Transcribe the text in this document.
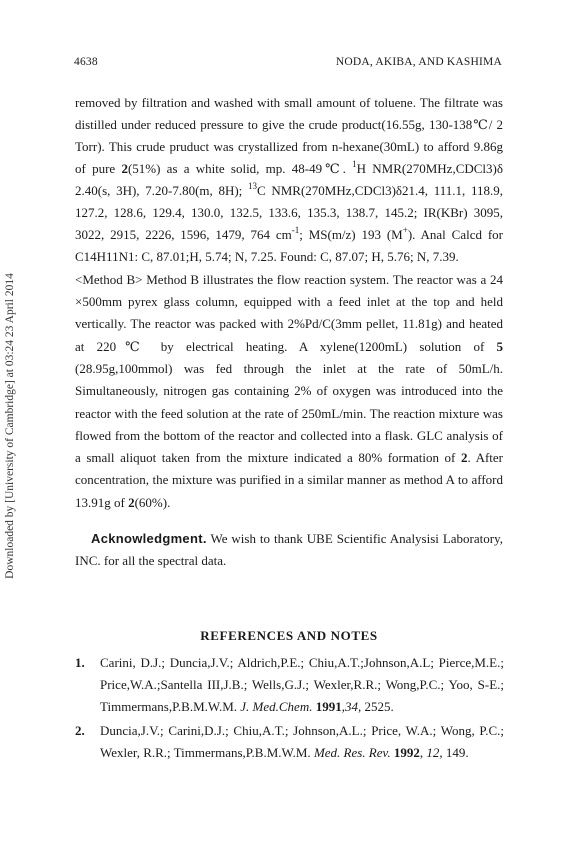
4638	NODA, AKIBA, AND KASHIMA
Downloaded by [University of Cambridge] at 03:24 23 April 2014
removed by filtration and washed with small amount of toluene. The filtrate was
distilled under reduced pressure to give the crude product(16.55g, 130-138℃/ 2
Torr). This crude pruduct was crystallized from n-hexane(30mL) to afford 9.86g
of pure 2(51%) as a white solid, mp. 48-49℃. $^1$H NMR(270MHz,CDCl3)δ
2.40(s, 3H), 7.20-7.80(m, 8H); $^{13}$C NMR(270MHz,CDCl3)δ21.4, 111.1, 118.9,
127.2, 128.6, 129.4, 130.0, 132.5, 133.6, 135.3, 138.7, 145.2; IR(KBr) 3095,
3022, 2915, 2226, 1596, 1479, 764 $cm^{-1}$; MS(m/z) 193 (M+). Anal Calcd for
C14H11N1: C, 87.01;H, 5.74; N, 7.25. Found: C, 87.07; H, 5.76; N, 7.39.
<Method B> Method B illustrates the flow reaction system. The reactor was a 24
×500mm pyrex glass column, equipped with a feed inlet at the top and held
vertically. The reactor was packed with 2%Pd/C(3mm pellet, 11.81g) and heated
at 220℃ by electrical heating. A xylene(1200mL) solution of 5
(28.95g,100mmol) was fed through the inlet at the rate of 50mL/h.
Simultaneously, nitrogen gas containing 2% of oxygen was introduced into the
reactor with the feed solution at the rate of 250mL/min. The reaction mixture was
flowed from the bottom of the reactor and collected into a flask. GLC analysis of
a small aliquot taken from the mixture indicated a 80% formation of 2. After
concentration, the mixture was purified in a similar manner as method A to afford
13.91g of 2(60%).
Acknowledgment. We wish to thank UBE Scientific Analysisi Laboratory,
INC. for all the spectral data.
REFERENCES AND NOTES
1.	Carini, D.J.; Duncia,J.V.; Aldrich,P.E.; Chiu,A.T.;Johnson,A.L; Pierce,M.E.;
Price,W.A.;Santella III,J.B.; Wells,G.J.; Wexler,R.R.; Wong,P.C.; Yoo, S-E.;
Timmermans,P.B.M.W.M. J. Med.Chem. 1991,34, 2525.
2.	Duncia,J.V.; Carini,D.J.; Chiu,A.T.; Johnson,A.L.; Price, W.A.; Wong, P.C.;
Wexler, R.R.; Timmermans,P.B.M.W.M. Med. Res. Rev. 1992, 12, 149.
